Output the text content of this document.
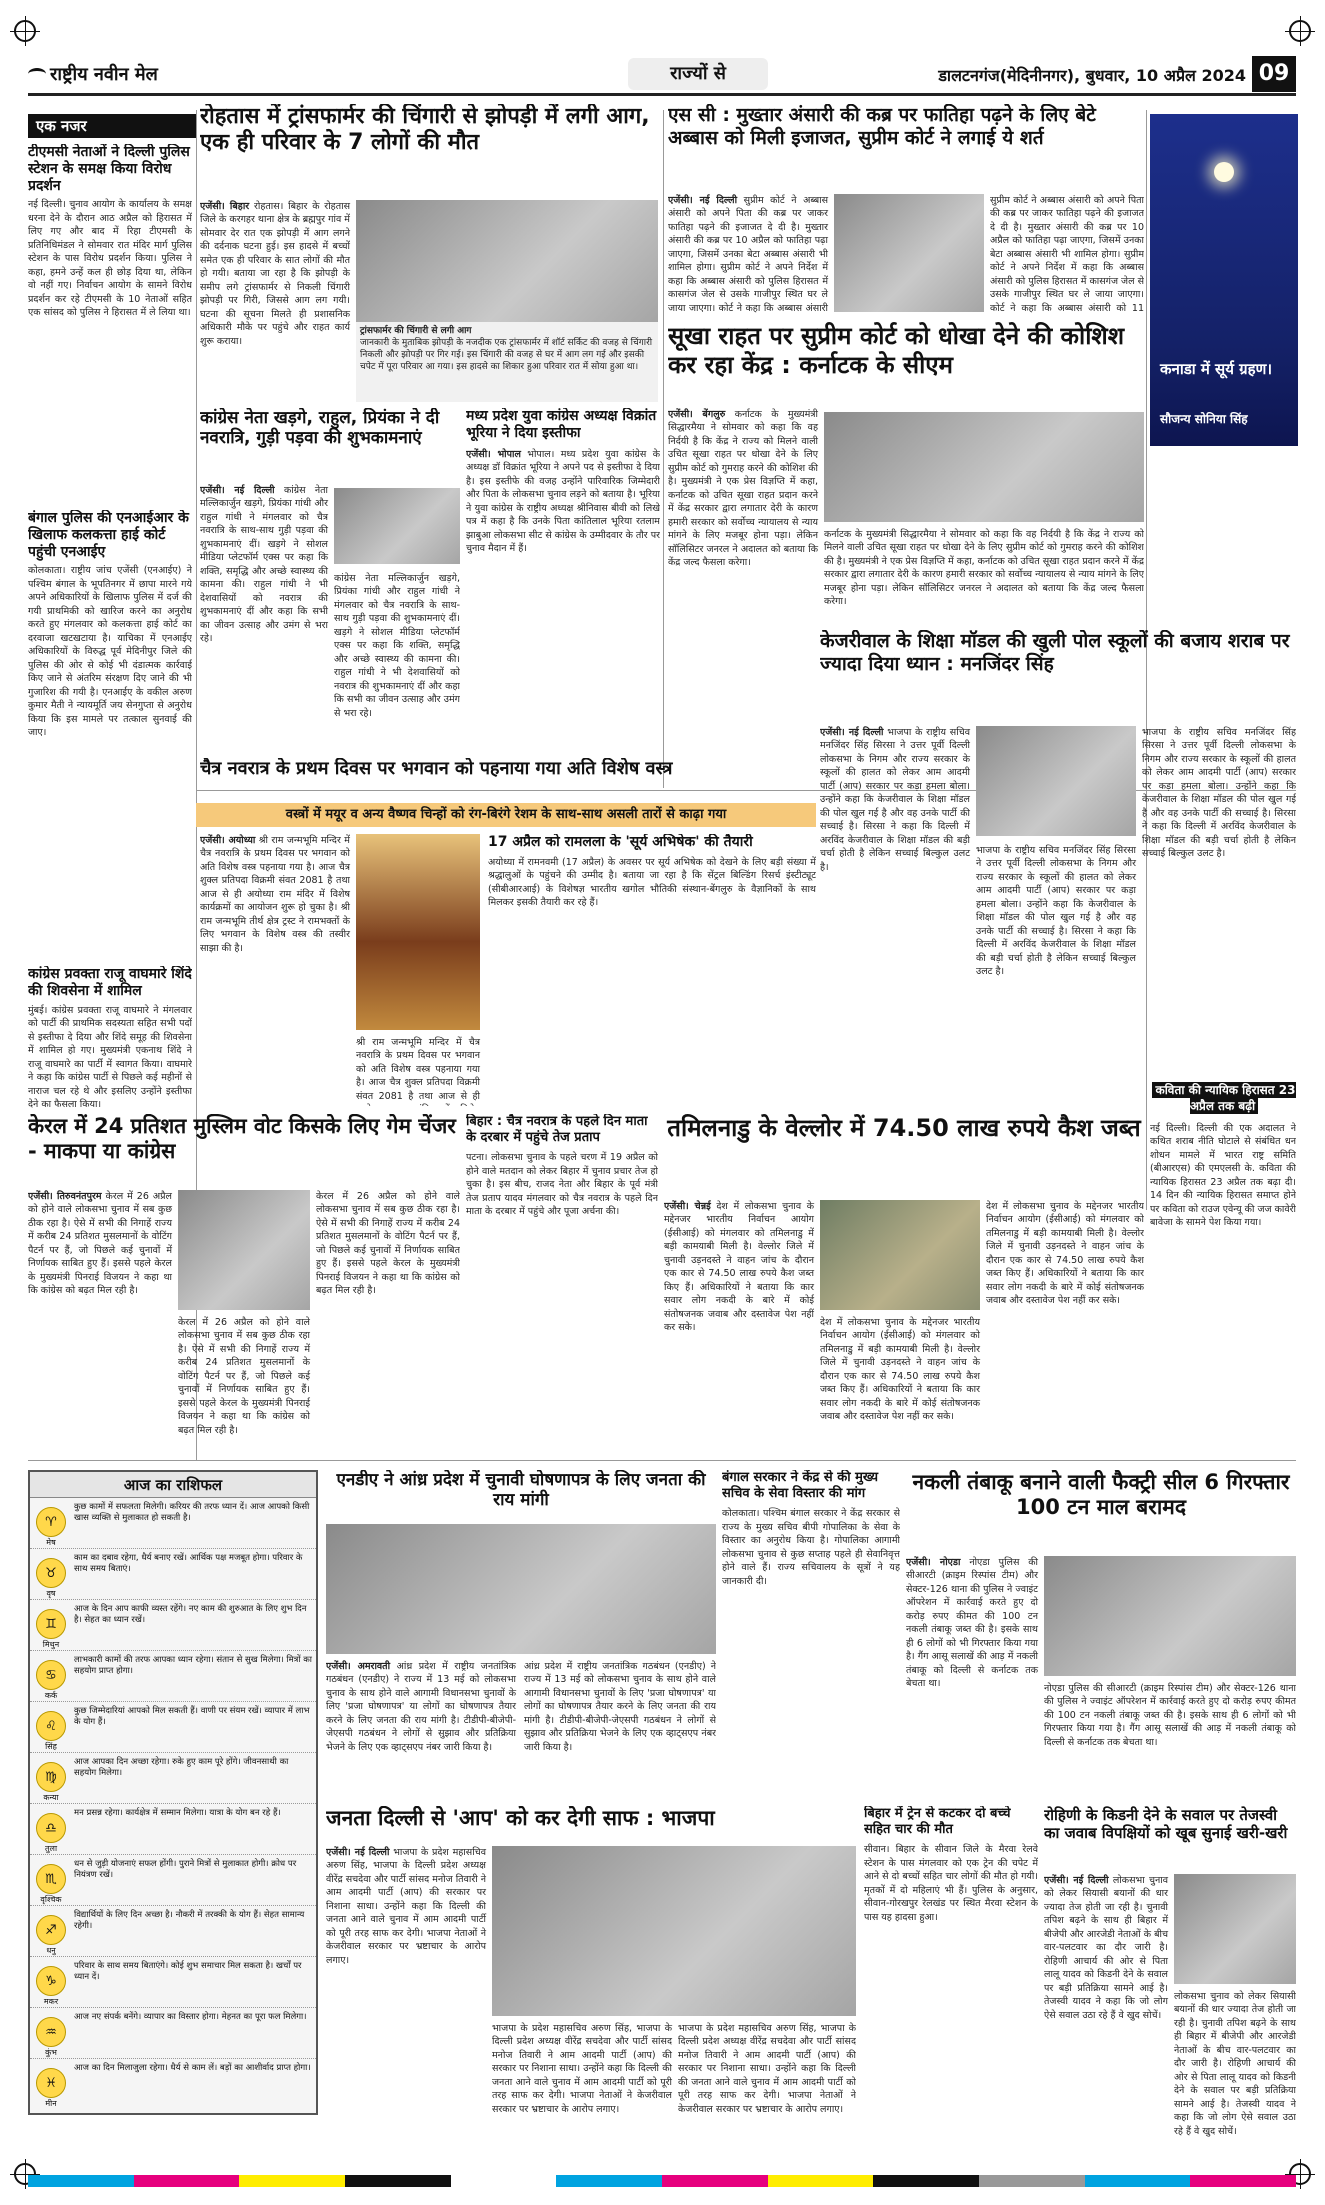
राष्ट्रीय नवीन मेल	राज्यों से	डालटनगंज(मेदिनीनगर), बुधवार, 10 अप्रैल 2024 09
एक नजर
टीएमसी नेताओं ने दिल्ली पुलिस स्टेशन के समक्ष किया विरोध प्रदर्शन
नई दिल्ली। चुनाव आयोग के कार्यालय के समक्ष धरना देने के दौरान आठ अप्रैल को हिरासत में लिए गए और बाद में रिहा टीएमसी के प्रतिनिधिमंडल ने सोमवार रात मंदिर मार्ग पुलिस स्टेशन के पास विरोध प्रदर्शन किया। पुलिस ने कहा, हमने उन्हें कल ही छोड़ दिया था, लेकिन वो नहीं गए। निर्वाचन आयोग के सामने विरोध प्रदर्शन कर रहे टीएमसी के 10 नेताओं सहित एक सांसद को पुलिस ने हिरासत में ले लिया था।
बंगाल पुलिस की एनआईआर के खिलाफ कलकत्ता हाई कोर्ट पहुंची एनआईए
कोलकाता। राष्ट्रीय जांच एजेंसी (एनआईए) ने पश्चिम बंगाल के भूपतिनगर में छापा मारने गये अपने अधिकारियों के खिलाफ पुलिस में दर्ज की गयी प्राथमिकी को खारिज करने का अनुरोध करते हुए मंगलवार को कलकत्ता हाई कोर्ट का दरवाजा खटखटाया है। याचिका में एनआईए अधिकारियों के विरुद्ध पूर्व मेदिनीपुर जिले की पुलिस की ओर से कोई भी दंडात्मक कार्रवाई किए जाने से अंतरिम संरक्षण दिए जाने की भी गुजारिश की गयी है। एनआईए के वकील अरुण कुमार मैती ने न्यायमूर्ति जय सेनगुप्ता से अनुरोध किया कि इस मामले पर तत्काल सुनवाई की जाए।
कांग्रेस प्रवक्ता राजू वाघमारे शिंदे की शिवसेना में शामिल
मुंबई। कांग्रेस प्रवक्ता राजू वाघमारे ने मंगलवार को पार्टी की प्राथमिक सदस्यता सहित सभी पदों से इस्तीफा दे दिया और शिंदे समूह की शिवसेना में शामिल हो गए। मुख्यमंत्री एकनाथ शिंदे ने राजू वाघमारे का पार्टी में स्वागत किया। वाघमारे ने कहा कि कांग्रेस पार्टी से पिछले कई महीनों से नाराज चल रहे थे और इसलिए उन्होंने इस्तीफा देने का फैसला किया।
रोहतास में ट्रांसफार्मर की चिंगारी से झोपड़ी में लगी आग, एक ही परिवार के 7 लोगों की मौत
एजेंसी। बिहार रोहतास। बिहार के रोहतास जिले के करगहर थाना क्षेत्र के ब्रह्मपुर गांव में सोमवार देर रात एक झोपड़ी में आग लगने की दर्दनाक घटना हुई। इस हादसे में बच्चों समेत एक ही परिवार के सात लोगों की मौत हो गयी। बताया जा रहा है कि झोपड़ी के समीप लगे ट्रांसफार्मर से निकली चिंगारी झोपड़ी पर गिरी, जिससे आग लग गयी। घटना की सूचना मिलते ही प्रशासनिक अधिकारी मौके पर पहुंचे और राहत कार्य शुरू कराया।
ट्रांसफार्मर की चिंगारी से लगी आग
जानकारी के मुताबिक झोपड़ी के नजदीक एक ट्रांसफार्मर में शॉर्ट सर्किट की वजह से चिंगारी निकली और झोपड़ी पर गिर गई। इस चिंगारी की वजह से घर में आग लग गई और इसकी चपेट में पूरा परिवार आ गया। इस हादसे का शिकार हुआ परिवार रात में सोया हुआ था।
एस सी : मुख्तार अंसारी की कब्र पर फातिहा पढ़ने के लिए बेटे अब्बास को मिली इजाजत, सुप्रीम कोर्ट ने लगाई ये शर्त
एजेंसी। नई दिल्ली सुप्रीम कोर्ट ने अब्बास अंसारी को अपने पिता की कब्र पर जाकर फातिहा पढ़ने की इजाजत दे दी है। मुख्तार अंसारी की कब्र पर 10 अप्रैल को फातिहा पढ़ा जाएगा, जिसमें उनका बेटा अब्बास अंसारी भी शामिल होगा। सुप्रीम कोर्ट ने अपने निर्देश में कहा कि अब्बास अंसारी को पुलिस हिरासत में कासगंज जेल से उसके गाजीपुर स्थित घर ले जाया जाएगा। कोर्ट ने कहा कि अब्बास अंसारी
सुप्रीम कोर्ट ने अब्बास अंसारी को अपने पिता की कब्र पर जाकर फातिहा पढ़ने की इजाजत दे दी है। मुख्तार अंसारी की कब्र पर 10 अप्रैल को फातिहा पढ़ा जाएगा, जिसमें उनका बेटा अब्बास अंसारी भी शामिल होगा। सुप्रीम कोर्ट ने अपने निर्देश में कहा कि अब्बास अंसारी को पुलिस हिरासत में कासगंज जेल से उसके गाजीपुर स्थित घर ले जाया जाएगा। कोर्ट ने कहा कि अब्बास अंसारी को 11
कांग्रेस नेता खड़गे, राहुल, प्रियंका ने दी नवरात्रि, गुड़ी पड़वा की शुभकामनाएं
एजेंसी। नई दिल्ली कांग्रेस नेता मल्लिकार्जुन खड़गे, प्रियंका गांधी और राहुल गांधी ने मंगलवार को चैत्र नवरात्रि के साथ-साथ गुड़ी पड़वा की शुभकामनाएं दीं। खड़गे ने सोशल मीडिया प्लेटफॉर्म एक्स पर कहा कि शक्ति, समृद्धि और अच्छे स्वास्थ्य की कामना की। राहुल गांधी ने भी देशवासियों को नवरात्र की शुभकामनाएं दीं और कहा कि सभी का जीवन उत्साह और उमंग से भरा रहे।
कांग्रेस नेता मल्लिकार्जुन खड़गे, प्रियंका गांधी और राहुल गांधी ने मंगलवार को चैत्र नवरात्रि के साथ-साथ गुड़ी पड़वा की शुभकामनाएं दीं। खड़गे ने सोशल मीडिया प्लेटफॉर्म एक्स पर कहा कि शक्ति, समृद्धि और अच्छे स्वास्थ्य की कामना की। राहुल गांधी ने भी देशवासियों को नवरात्र की शुभकामनाएं दीं और कहा कि सभी का जीवन उत्साह और उमंग से भरा रहे।
मध्य प्रदेश युवा कांग्रेस अध्यक्ष विक्रांत भूरिया ने दिया इस्तीफा
एजेंसी। भोपाल भोपाल। मध्य प्रदेश युवा कांग्रेस के अध्यक्ष डॉ विक्रांत भूरिया ने अपने पद से इस्तीफा दे दिया है। इस इस्तीफे की वजह उन्होंने पारिवारिक जिम्मेदारी और पिता के लोकसभा चुनाव लड़ने को बताया है। भूरिया ने युवा कांग्रेस के राष्ट्रीय अध्यक्ष श्रीनिवास बीवी को लिखे पत्र में कहा है कि उनके पिता कांतिलाल भूरिया रतलाम झाबुआ लोकसभा सीट से कांग्रेस के उम्मीदवार के तौर पर चुनाव मैदान में हैं।
सूखा राहत पर सुप्रीम कोर्ट को धोखा देने की कोशिश कर रहा केंद्र : कर्नाटक के सीएम
एजेंसी। बेंगलुरु कर्नाटक के मुख्यमंत्री सिद्धारमैया ने सोमवार को कहा कि वह निर्दयी है कि केंद्र ने राज्य को मिलने वाली उचित सूखा राहत पर धोखा देने के लिए सुप्रीम कोर्ट को गुमराह करने की कोशिश की है। मुख्यमंत्री ने एक प्रेस विज्ञप्ति में कहा, कर्नाटक को उचित सूखा राहत प्रदान करने में केंद्र सरकार द्वारा लगातार देरी के कारण हमारी सरकार को सर्वोच्च न्यायालय से न्याय मांगने के लिए मजबूर होना पड़ा। लेकिन सॉलिसिटर जनरल ने अदालत को बताया कि केंद्र जल्द फैसला करेगा।
कर्नाटक के मुख्यमंत्री सिद्धारमैया ने सोमवार को कहा कि वह निर्दयी है कि केंद्र ने राज्य को मिलने वाली उचित सूखा राहत पर धोखा देने के लिए सुप्रीम कोर्ट को गुमराह करने की कोशिश की है। मुख्यमंत्री ने एक प्रेस विज्ञप्ति में कहा, कर्नाटक को उचित सूखा राहत प्रदान करने में केंद्र सरकार द्वारा लगातार देरी के कारण हमारी सरकार को सर्वोच्च न्यायालय से न्याय मांगने के लिए मजबूर होना पड़ा। लेकिन सॉलिसिटर जनरल ने अदालत को बताया कि केंद्र जल्द फैसला करेगा।
कनाडा में सूर्य ग्रहण।
सौजन्य सोनिया सिंह
केजरीवाल के शिक्षा मॉडल की खुली पोल स्कूलों की बजाय शराब पर ज्यादा दिया ध्यान : मनजिंदर सिंह
एजेंसी। नई दिल्ली भाजपा के राष्ट्रीय सचिव मनजिंदर सिंह सिरसा ने उत्तर पूर्वी दिल्ली लोकसभा के निगम और राज्य सरकार के स्कूलों की हालत को लेकर आम आदमी पार्टी (आप) सरकार पर कड़ा हमला बोला। उन्होंने कहा कि केजरीवाल के शिक्षा मॉडल की पोल खुल गई है और वह उनके पार्टी की सच्चाई है। सिरसा ने कहा कि दिल्ली में अरविंद केजरीवाल के शिक्षा मॉडल की बड़ी चर्चा होती है लेकिन सच्चाई बिल्कुल उलट है।
भाजपा के राष्ट्रीय सचिव मनजिंदर सिंह सिरसा ने उत्तर पूर्वी दिल्ली लोकसभा के निगम और राज्य सरकार के स्कूलों की हालत को लेकर आम आदमी पार्टी (आप) सरकार पर कड़ा हमला बोला। उन्होंने कहा कि केजरीवाल के शिक्षा मॉडल की पोल खुल गई है और वह उनके पार्टी की सच्चाई है। सिरसा ने कहा कि दिल्ली में अरविंद केजरीवाल के शिक्षा मॉडल की बड़ी चर्चा होती है लेकिन सच्चाई बिल्कुल उलट है।
भाजपा के राष्ट्रीय सचिव मनजिंदर सिंह सिरसा ने उत्तर पूर्वी दिल्ली लोकसभा के निगम और राज्य सरकार के स्कूलों की हालत को लेकर आम आदमी पार्टी (आप) सरकार पर कड़ा हमला बोला। उन्होंने कहा कि केजरीवाल के शिक्षा मॉडल की पोल खुल गई है और वह उनके पार्टी की सच्चाई है। सिरसा ने कहा कि दिल्ली में अरविंद केजरीवाल के शिक्षा मॉडल की बड़ी चर्चा होती है लेकिन सच्चाई बिल्कुल उलट है।
चैत्र नवरात्र के प्रथम दिवस पर भगवान को पहनाया गया अति विशेष वस्त्र
वस्त्रों में मयूर व अन्य वैष्णव चिन्हों को रंग-बिरंगे रेशम के साथ-साथ असली तारों से काढ़ा गया
एजेंसी। अयोध्या श्री राम जन्मभूमि मन्दिर में चैत्र नवरात्रि के प्रथम दिवस पर भगवान को अति विशेष वस्त्र पहनाया गया है। आज चैत्र शुक्ल प्रतिपदा विक्रमी संवत 2081 है तथा आज से ही अयोध्या राम मंदिर में विशेष कार्यक्रमों का आयोजन शुरू हो चुका है। श्री राम जन्मभूमि तीर्थ क्षेत्र ट्रस्ट ने रामभक्तों के लिए भगवान के विशेष वस्त्र की तस्वीर साझा की है।
श्री राम जन्मभूमि मन्दिर में चैत्र नवरात्रि के प्रथम दिवस पर भगवान को अति विशेष वस्त्र पहनाया गया है। आज चैत्र शुक्ल प्रतिपदा विक्रमी संवत 2081 है तथा आज से ही
17 अप्रैल को रामलला के 'सूर्य अभिषेक' की तैयारी
अयोध्या में रामनवमी (17 अप्रैल) के अवसर पर सूर्य अभिषेक को देखने के लिए बड़ी संख्या में श्रद्धालुओं के पहुंचने की उम्मीद है। बताया जा रहा है कि सेंट्रल बिल्डिंग रिसर्च इंस्टीट्यूट (सीबीआरआई) के विशेषज्ञ भारतीय खगोल भौतिकी संस्थान-बेंगलुरु के वैज्ञानिकों के साथ मिलकर इसकी तैयारी कर रहे हैं।
कविता की न्यायिक हिरासत 23 अप्रैल तक बढ़ी
नई दिल्ली। दिल्ली की एक अदालत ने कथित शराब नीति घोटाले से संबंधित धन शोधन मामले में भारत राष्ट्र समिति (बीआरएस) की एमएलसी के. कविता की न्यायिक हिरासत 23 अप्रैल तक बढ़ा दी। 14 दिन की न्यायिक हिरासत समाप्त होने पर कविता को राउज एवेन्यू की जज कावेरी बावेजा के सामने पेश किया गया।
केरल में 24 प्रतिशत मुस्लिम वोट किसके लिए गेम चेंजर - माकपा या कांग्रेस
एजेंसी। तिरुवनंतपुरम केरल में 26 अप्रैल को होने वाले लोकसभा चुनाव में सब कुछ ठीक रहा है। ऐसे में सभी की निगाहें राज्य में करीब 24 प्रतिशत मुसलमानों के वोटिंग पैटर्न पर हैं, जो पिछले कई चुनावों में निर्णायक साबित हुए हैं। इससे पहले केरल के मुख्यमंत्री पिनराई विजयन ने कहा था कि कांग्रेस को बढ़त मिल रही है।
केरल में 26 अप्रैल को होने वाले लोकसभा चुनाव में सब कुछ ठीक रहा है। ऐसे में सभी की निगाहें राज्य में करीब 24 प्रतिशत मुसलमानों के वोटिंग पैटर्न पर हैं, जो पिछले कई चुनावों में निर्णायक साबित हुए हैं। इससे पहले केरल के मुख्यमंत्री पिनराई विजयन ने कहा था कि कांग्रेस को बढ़त मिल रही है।
केरल में 26 अप्रैल को होने वाले लोकसभा चुनाव में सब कुछ ठीक रहा है। ऐसे में सभी की निगाहें राज्य में करीब 24 प्रतिशत मुसलमानों के वोटिंग पैटर्न पर हैं, जो पिछले कई चुनावों में निर्णायक साबित हुए हैं। इससे पहले केरल के मुख्यमंत्री पिनराई विजयन ने कहा था कि कांग्रेस को बढ़त मिल रही है।
बिहार : चैत्र नवरात्र के पहले दिन माता के दरबार में पहुंचे तेज प्रताप
पटना। लोकसभा चुनाव के पहले चरण में 19 अप्रैल को होने वाले मतदान को लेकर बिहार में चुनाव प्रचार तेज हो चुका है। इस बीच, राजद नेता और बिहार के पूर्व मंत्री तेज प्रताप यादव मंगलवार को चैत्र नवरात्र के पहले दिन माता के दरबार में पहुंचे और पूजा अर्चना की।
तमिलनाडु के वेल्लोर में 74.50 लाख रुपये कैश जब्त
एजेंसी। चेन्नई देश में लोकसभा चुनाव के मद्देनजर भारतीय निर्वाचन आयोग (ईसीआई) को मंगलवार को तमिलनाडु में बड़ी कामयाबी मिली है। वेल्लोर जिले में चुनावी उड़नदस्ते ने वाहन जांच के दौरान एक कार से 74.50 लाख रुपये कैश जब्त किए हैं। अधिकारियों ने बताया कि कार सवार लोग नकदी के बारे में कोई संतोषजनक जवाब और दस्तावेज पेश नहीं कर सके।	देश में लोकसभा चुनाव के मद्देनजर भारतीय निर्वाचन आयोग (ईसीआई) को मंगलवार को तमिलनाडु में बड़ी कामयाबी मिली है। वेल्लोर जिले में चुनावी उड़नदस्ते ने वाहन जांच के दौरान एक कार से 74.50 लाख रुपये कैश जब्त किए हैं। अधिकारियों ने बताया कि कार सवार लोग नकदी के बारे में कोई संतोषजनक जवाब और दस्तावेज पेश नहीं कर सके।
देश में लोकसभा चुनाव के मद्देनजर भारतीय निर्वाचन आयोग (ईसीआई) को मंगलवार को तमिलनाडु में बड़ी कामयाबी मिली है। वेल्लोर जिले में चुनावी उड़नदस्ते ने वाहन जांच के दौरान एक कार से 74.50 लाख रुपये कैश जब्त किए हैं। अधिकारियों ने बताया कि कार सवार लोग नकदी के बारे में कोई संतोषजनक जवाब और दस्तावेज पेश नहीं कर सके।
आज का राशिफल
♈
मेष
कुछ कामों में सफलता मिलेगी। करियर की तरफ ध्यान दें। आज आपको किसी खास व्यक्ति से मुलाकात हो सकती है।
♉
वृष
काम का दबाव रहेगा, धैर्य बनाए रखें। आर्थिक पक्ष मजबूत होगा। परिवार के साथ समय बिताएं।
♊
मिथुन
आज के दिन आप काफी व्यस्त रहेंगे। नए काम की शुरुआत के लिए शुभ दिन है। सेहत का ध्यान रखें।
♋
कर्क
लाभकारी कामों की तरफ आपका ध्यान रहेगा। संतान से सुख मिलेगा। मित्रों का सहयोग प्राप्त होगा।
♌
सिंह
कुछ जिम्मेदारियां आपको मिल सकती हैं। वाणी पर संयम रखें। व्यापार में लाभ के योग हैं।
♍
कन्या
आज आपका दिन अच्छा रहेगा। रुके हुए काम पूरे होंगे। जीवनसाथी का सहयोग मिलेगा।
♎
तुला
मन प्रसन्न रहेगा। कार्यक्षेत्र में सम्मान मिलेगा। यात्रा के योग बन रहे हैं।
♏
वृश्चिक
धन से जुड़ी योजनाएं सफल होंगी। पुराने मित्रों से मुलाकात होगी। क्रोध पर नियंत्रण रखें।
♐
धनु
विद्यार्थियों के लिए दिन अच्छा है। नौकरी में तरक्की के योग हैं। सेहत सामान्य रहेगी।
♑
मकर
परिवार के साथ समय बिताएंगे। कोई शुभ समाचार मिल सकता है। खर्चों पर ध्यान दें।
♒
कुंभ
आज नए संपर्क बनेंगे। व्यापार का विस्तार होगा। मेहनत का पूरा फल मिलेगा।
♓
मीन
आज का दिन मिलाजुला रहेगा। धैर्य से काम लें। बड़ों का आशीर्वाद प्राप्त होगा।
एनडीए ने आंध्र प्रदेश में चुनावी घोषणापत्र के लिए जनता की राय मांगी
एजेंसी। अमरावती आंध्र प्रदेश में राष्ट्रीय जनतांत्रिक गठबंधन (एनडीए) ने राज्य में 13 मई को लोकसभा चुनाव के साथ होने वाले आगामी विधानसभा चुनावों के लिए 'प्रजा घोषणापत्र' या लोगों का घोषणापत्र तैयार करने के लिए जनता की राय मांगी है। टीडीपी-बीजेपी-जेएसपी गठबंधन ने लोगों से सुझाव और प्रतिक्रिया भेजने के लिए एक व्हाट्सएप नंबर जारी किया है।
आंध्र प्रदेश में राष्ट्रीय जनतांत्रिक गठबंधन (एनडीए) ने राज्य में 13 मई को लोकसभा चुनाव के साथ होने वाले आगामी विधानसभा चुनावों के लिए 'प्रजा घोषणापत्र' या लोगों का घोषणापत्र तैयार करने के लिए जनता की राय मांगी है। टीडीपी-बीजेपी-जेएसपी गठबंधन ने लोगों से सुझाव और प्रतिक्रिया भेजने के लिए एक व्हाट्सएप नंबर जारी किया है।
बंगाल सरकार ने केंद्र से की मुख्य सचिव के सेवा विस्तार की मांग
कोलकाता। पश्चिम बंगाल सरकार ने केंद्र सरकार से राज्य के मुख्य सचिव बीपी गोपालिका के सेवा के विस्तार का अनुरोध किया है। गोपालिका आगामी लोकसभा चुनाव से कुछ सप्ताह पहले ही सेवानिवृत्त होने वाले हैं। राज्य सचिवालय के सूत्रों ने यह जानकारी दी।
नकली तंबाकू बनाने वाली फैक्ट्री सील 6 गिरफ्तार 100 टन माल बरामद
एजेंसी। नोएडा नोएडा पुलिस की सीआरटी (क्राइम रिस्पांस टीम) और सेक्टर-126 थाना की पुलिस ने ज्वाइंट ऑपरेशन में कार्रवाई करते हुए दो करोड़ रुपए कीमत की 100 टन नकली तंबाकू जब्त की है। इसके साथ ही 6 लोगों को भी गिरफ्तार किया गया है। गैंग आसू सलाखें की आड़ में नकली तंबाकू को दिल्ली से कर्नाटक तक बेचता था।	नोएडा पुलिस की सीआरटी (क्राइम रिस्पांस टीम) और सेक्टर-126 थाना की पुलिस ने ज्वाइंट ऑपरेशन में कार्रवाई करते हुए दो करोड़ रुपए कीमत की 100 टन नकली तंबाकू जब्त की है। इसके साथ ही 6 लोगों को भी गिरफ्तार किया गया है। गैंग आसू सलाखें की आड़ में नकली तंबाकू को दिल्ली से कर्नाटक तक बेचता था।
जनता दिल्ली से 'आप' को कर देगी साफ : भाजपा
एजेंसी। नई दिल्ली भाजपा के प्रदेश महासचिव अरुण सिंह, भाजपा के दिल्ली प्रदेश अध्यक्ष वीरेंद्र सचदेवा और पार्टी सांसद मनोज तिवारी ने आम आदमी पार्टी (आप) की सरकार पर निशाना साधा। उन्होंने कहा कि दिल्ली की जनता आने वाले चुनाव में आम आदमी पार्टी को पूरी तरह साफ कर देगी। भाजपा नेताओं ने केजरीवाल सरकार पर भ्रष्टाचार के आरोप लगाए।
भाजपा के प्रदेश महासचिव अरुण सिंह, भाजपा के दिल्ली प्रदेश अध्यक्ष वीरेंद्र सचदेवा और पार्टी सांसद मनोज तिवारी ने आम आदमी पार्टी (आप) की सरकार पर निशाना साधा। उन्होंने कहा कि दिल्ली की जनता आने वाले चुनाव में आम आदमी पार्टी को पूरी तरह साफ कर देगी। भाजपा नेताओं ने केजरीवाल सरकार पर भ्रष्टाचार के आरोप लगाए।
भाजपा के प्रदेश महासचिव अरुण सिंह, भाजपा के दिल्ली प्रदेश अध्यक्ष वीरेंद्र सचदेवा और पार्टी सांसद मनोज तिवारी ने आम आदमी पार्टी (आप) की सरकार पर निशाना साधा। उन्होंने कहा कि दिल्ली की जनता आने वाले चुनाव में आम आदमी पार्टी को पूरी तरह साफ कर देगी। भाजपा नेताओं ने केजरीवाल सरकार पर भ्रष्टाचार के आरोप लगाए।
बिहार में ट्रेन से कटकर दो बच्चे सहित चार की मौत
सीवान। बिहार के सीवान जिले के मैरवा रेलवे स्टेशन के पास मंगलवार को एक ट्रेन की चपेट में आने से दो बच्चों सहित चार लोगों की मौत हो गयी। मृतकों में दो महिलाएं भी हैं। पुलिस के अनुसार, सीवान-गोरखपुर रेलखंड पर स्थित मैरवा स्टेशन के पास यह हादसा हुआ।
रोहिणी के किडनी देने के सवाल पर तेजस्वी का जवाब विपक्षियों को खूब सुनाई खरी-खरी
एजेंसी। नई दिल्ली लोकसभा चुनाव को लेकर सियासी बयानों की धार ज्यादा तेज होती जा रही है। चुनावी तपिश बढ़ने के साथ ही बिहार में बीजेपी और आरजेडी नेताओं के बीच वार-पलटवार का दौर जारी है। रोहिणी आचार्य की ओर से पिता लालू यादव को किडनी देने के सवाल पर बड़ी प्रतिक्रिया सामने आई है। तेजस्वी यादव ने कहा कि जो लोग ऐसे सवाल उठा रहे हैं वे खुद सोचें।
लोकसभा चुनाव को लेकर सियासी बयानों की धार ज्यादा तेज होती जा रही है। चुनावी तपिश बढ़ने के साथ ही बिहार में बीजेपी और आरजेडी नेताओं के बीच वार-पलटवार का दौर जारी है। रोहिणी आचार्य की ओर से पिता लालू यादव को किडनी देने के सवाल पर बड़ी प्रतिक्रिया सामने आई है। तेजस्वी यादव ने कहा कि जो लोग ऐसे सवाल उठा रहे हैं वे खुद सोचें।
